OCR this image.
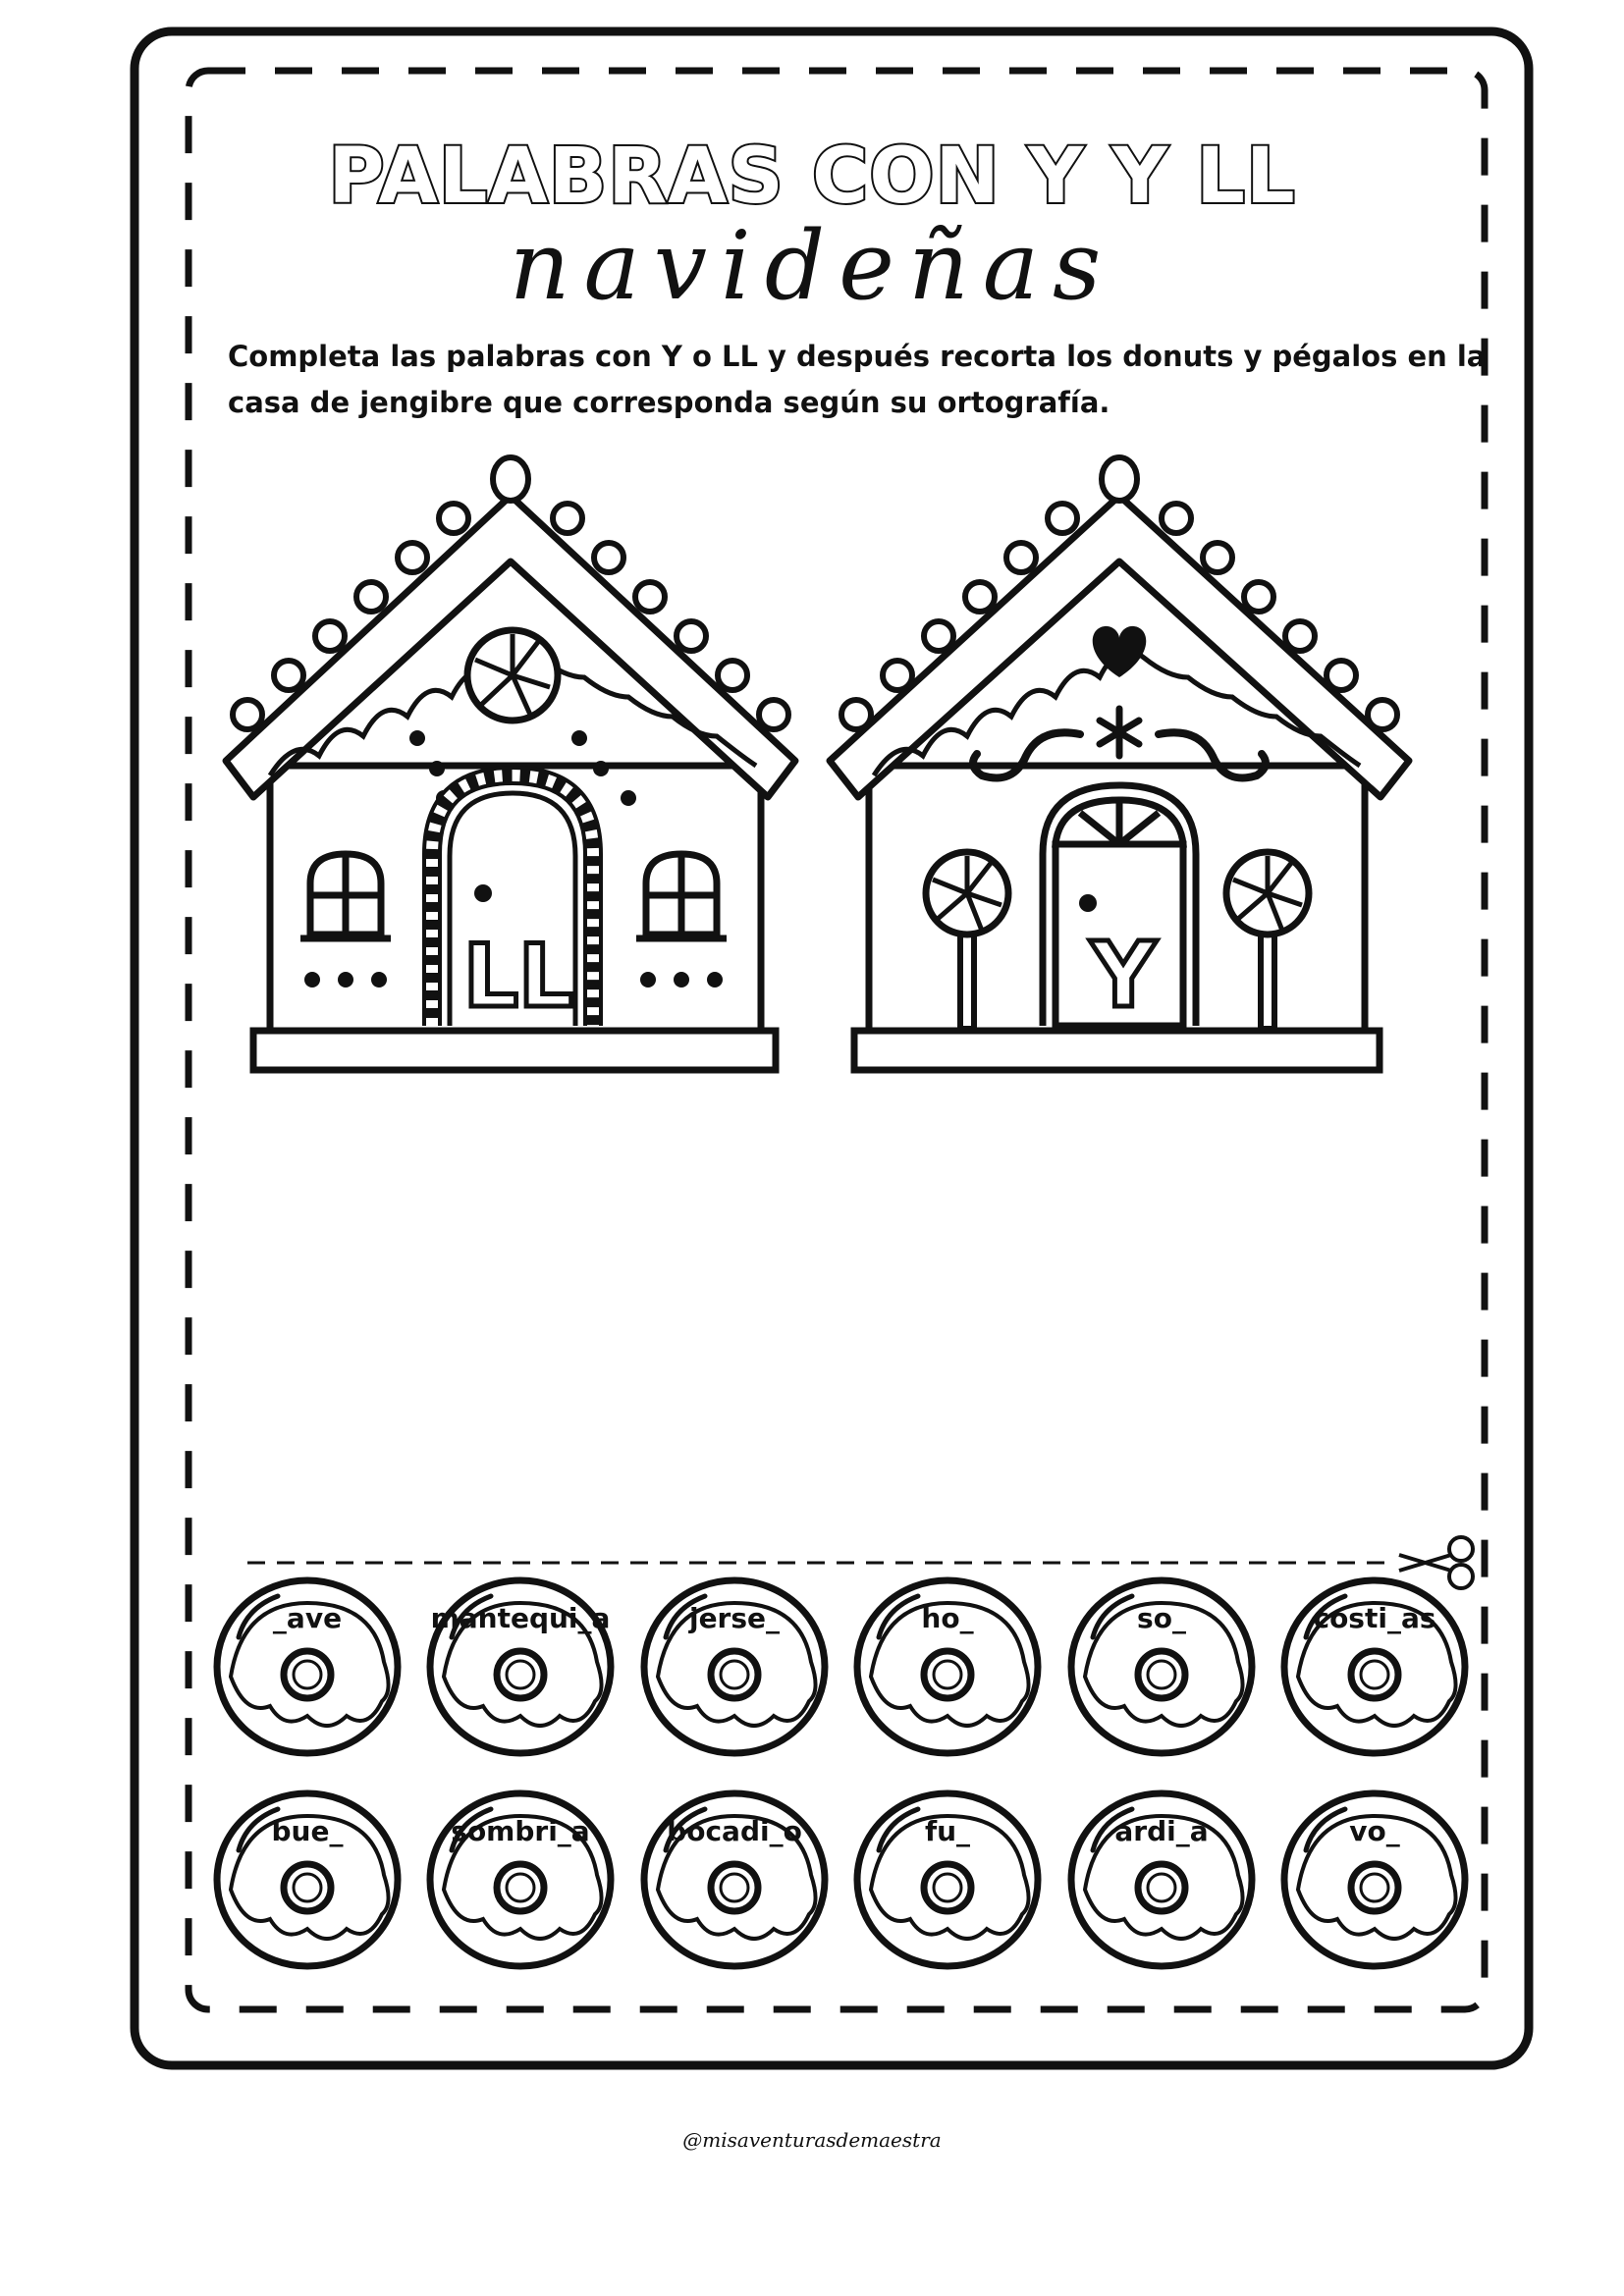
LL	Y
_ave	mantequi_a	jerse_	ho_	so_	costi_as
bue_	sombri_a	bocadi_o	fu_	ardi_a	vo_
PALABRAS CON Y Y LL
navideñas
Completa las palabras con Y o LL y después recorta los donuts y pégalos en la
casa de jengibre que corresponda según su ortografía.
@misaventurasdemaestra
